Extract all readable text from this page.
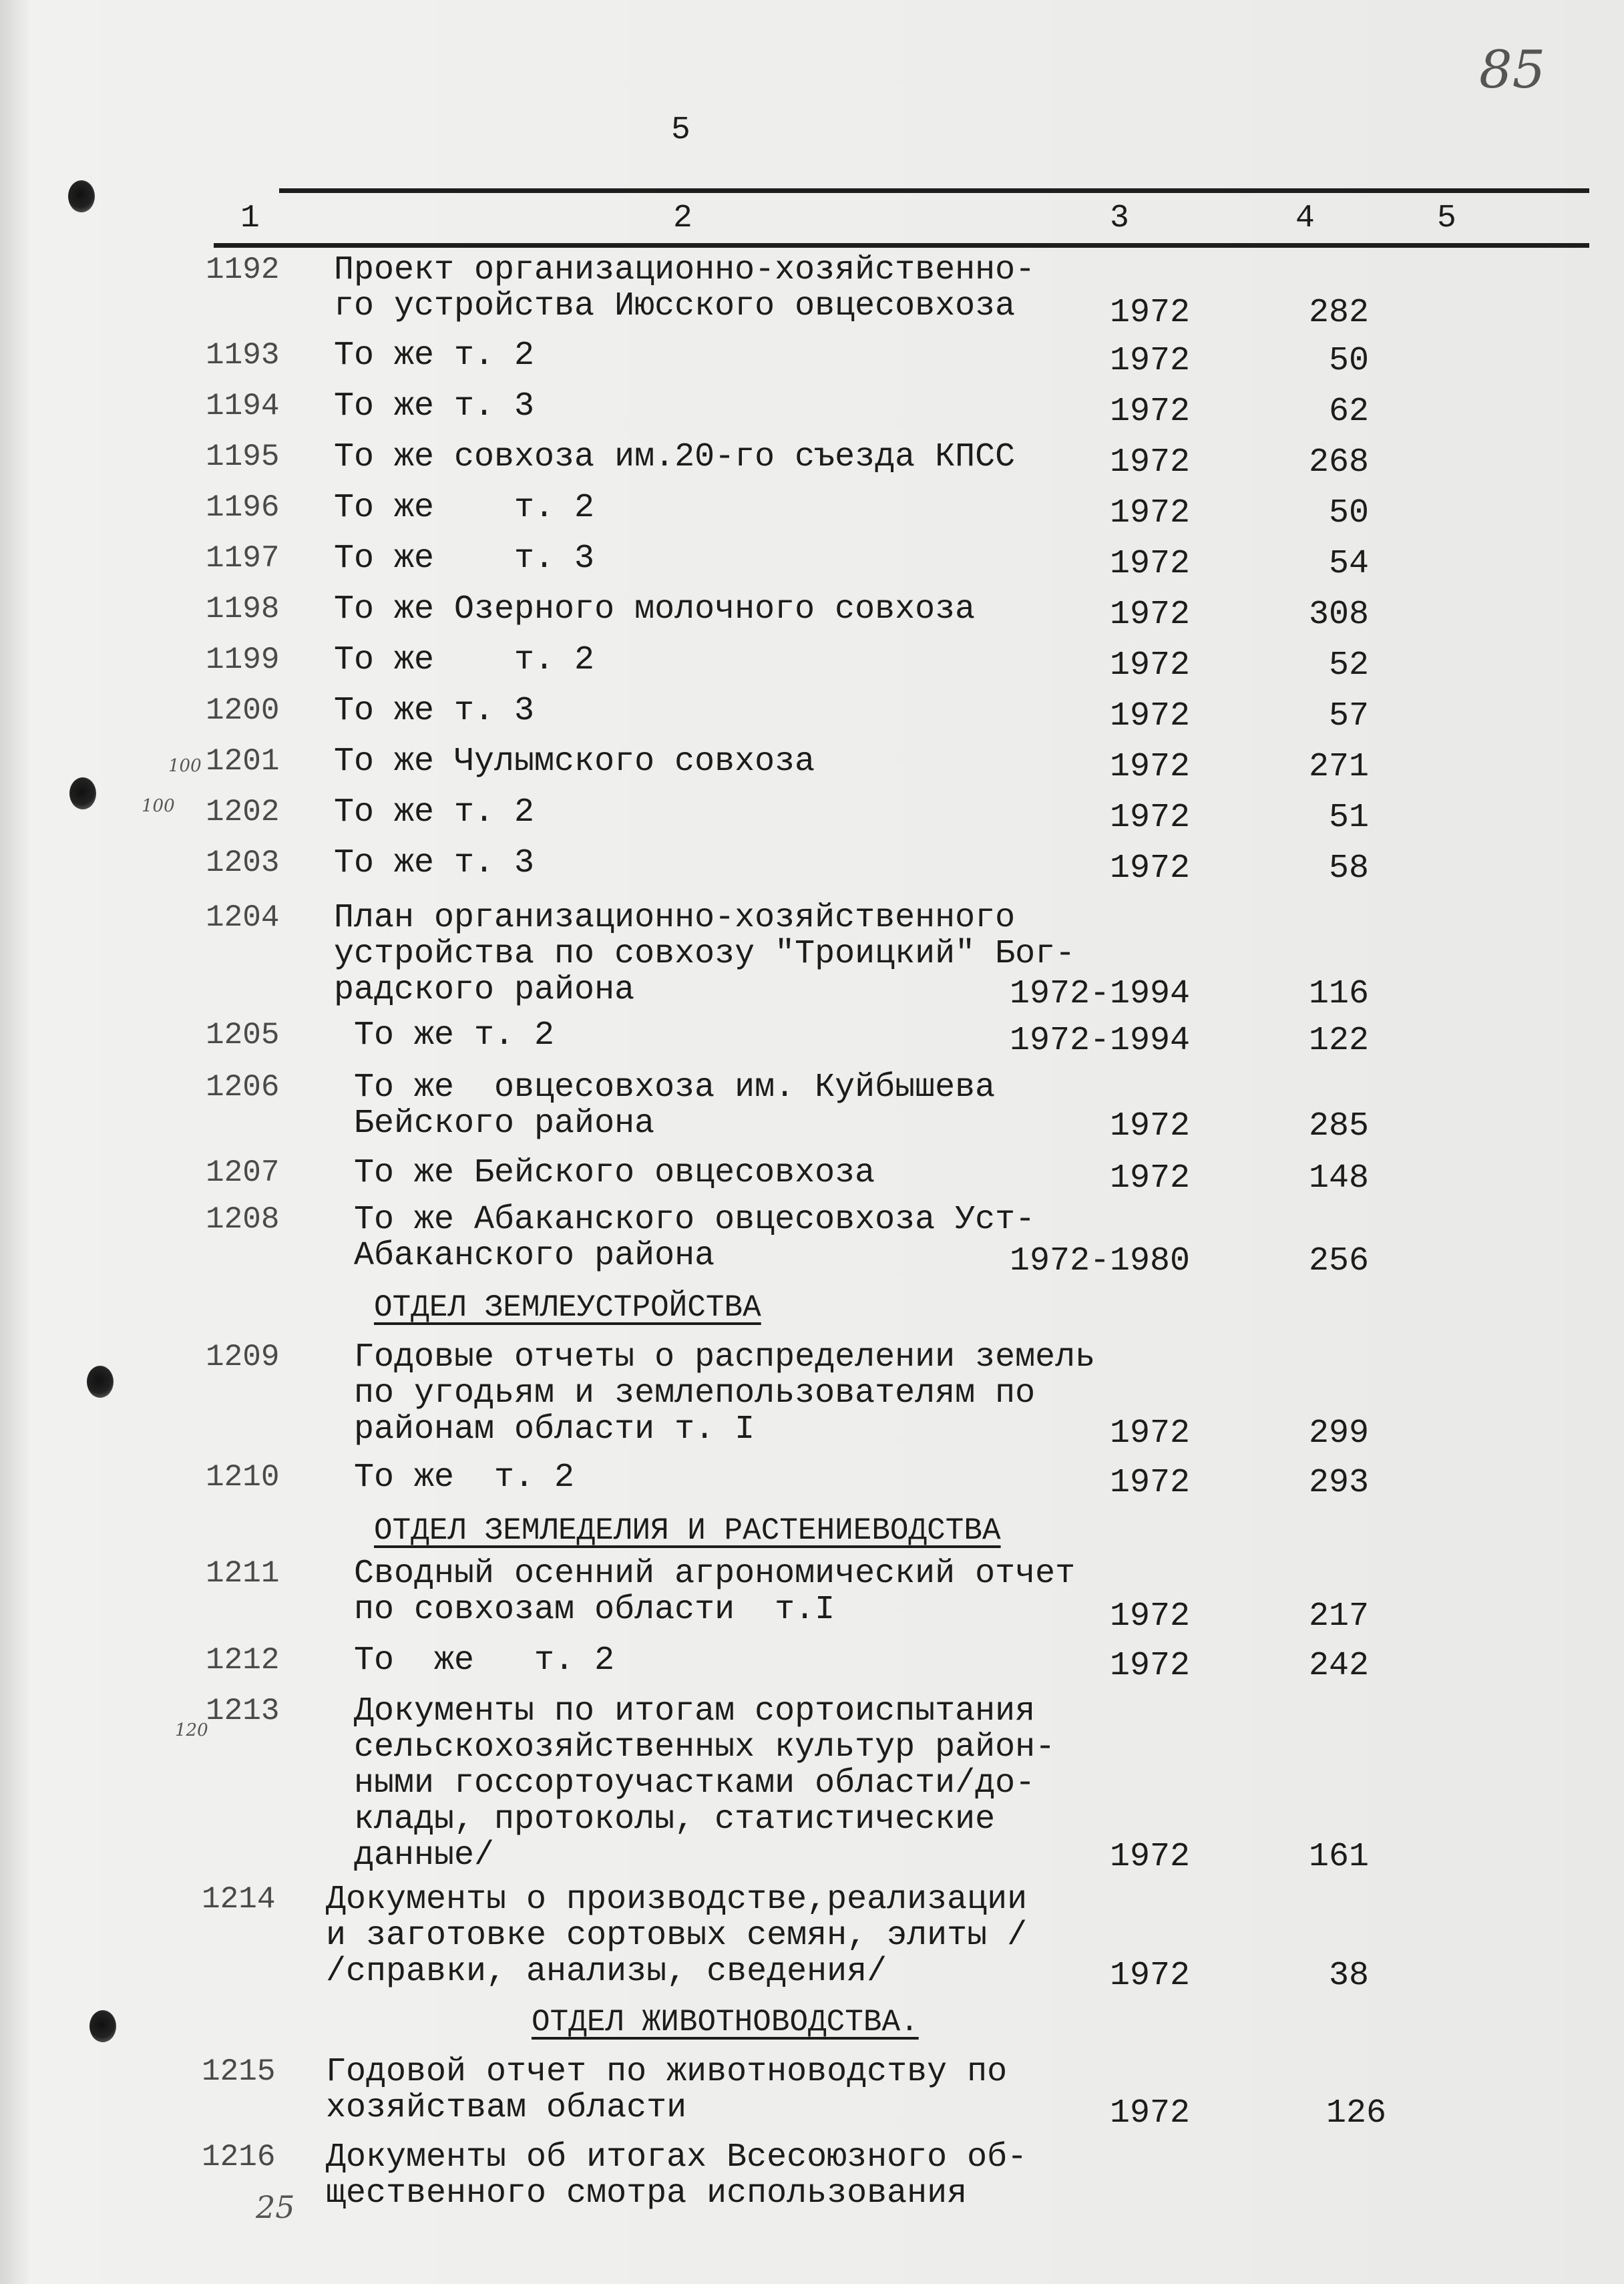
85
100
100
120
25
5
1	2	3	4	5
1192 Проект организационно-хозяйственно-
го устройства Июсского овцесовхоза	1972	282
1193 То же т. 2	1972	50
1194 То же т. 3	1972	62
1195 То же совхоза им.20-го съезда КПСС	1972	268
1196 То же    т. 2	1972	50
1197 То же    т. 3	1972	54
1198 То же Озерного молочного совхоза	1972	308
1199 То же    т. 2	1972	52
1200 То же т. 3	1972	57
1201 То же Чулымского совхоза	1972	271
1202 То же т. 2	1972	51
1203 То же т. 3	1972	58
1204 План организационно-хозяйственного
устройства по совхозу "Троицкий" Бог-
радского района	1972-1994	116
1205 То же т. 2	1972-1994	122
1206	То же  овцесовхоза им. Куйбышева
Бейского района	1972	285
1207 То же Бейского овцесовхоза	1972	148
1208	То же Абаканского овцесовхоза Уст-
Абаканского района	1972-1980	256
ОТДЕЛ ЗЕМЛЕУСТРОЙСТВА
1209	Годовые отчеты о распределении земель
по угодьям и землепользователям по
районам области т. I	1972	299
1210 То же  т. 2	1972	293
ОТДЕЛ ЗЕМЛЕДЕЛИЯ И РАСТЕНИЕВОДСТВА
1211	Сводный осенний агрономический отчет
по совхозам области  т.I	1972	217
1212 То  же   т. 2	1972	242
1213	Документы по итогам сортоиспытания
сельскохозяйственных культур район-
ными госсортоучастками области/до-
клады, протоколы, статистические
данные/	1972	161
1214 Документы о производстве,реализации
и заготовке сортовых семян, элиты /
/справки, анализы, сведения/	1972	38
ОТДЕЛ ЖИВОТНОВОДСТВА.
1215 Годовой отчет по животноводству по
хозяйствам области	1972	126
1216 Документы об итогах Всесоюзного об-
щественного смотра использования
